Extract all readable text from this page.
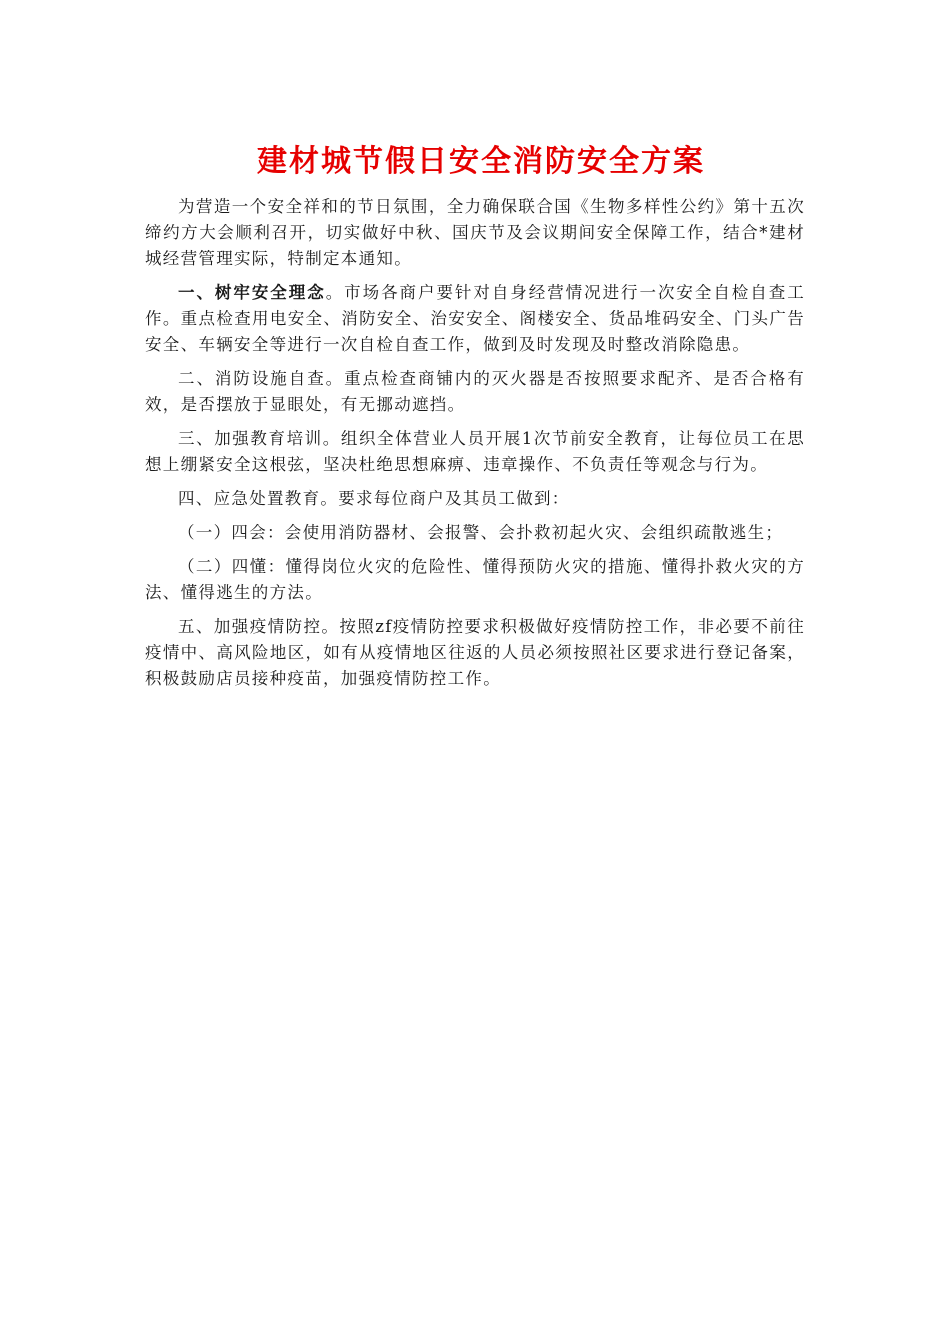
建材城节假日安全消防安全方案

为营造一个安全祥和的节日氛围，全力确保联合国《生物多样性公约》第十五次缔约方大会顺利召开，切实做好中秋、国庆节及会议期间安全保障工作，结合*建材城经营管理实际，特制定本通知。

一、树牢安全理念。市场各商户要针对自身经营情况进行一次安全自检自查工作。重点检查用电安全、消防安全、治安安全、阁楼安全、货品堆码安全、门头广告安全、车辆安全等进行一次自检自查工作，做到及时发现及时整改消除隐患。

二、消防设施自查。重点检查商铺内的灭火器是否按照要求配齐、是否合格有效，是否摆放于显眼处，有无挪动遮挡。

三、加强教育培训。组织全体营业人员开展1次节前安全教育，让每位员工在思想上绷紧安全这根弦，坚决杜绝思想麻痹、违章操作、不负责任等观念与行为。

四、应急处置教育。要求每位商户及其员工做到：

（一）四会：会使用消防器材、会报警、会扑救初起火灾、会组织疏散逃生；

（二）四懂：懂得岗位火灾的危险性、懂得预防火灾的措施、懂得扑救火灾的方法、懂得逃生的方法。

五、加强疫情防控。按照zf疫情防控要求积极做好疫情防控工作，非必要不前往疫情中、高风险地区，如有从疫情地区往返的人员必须按照社区要求进行登记备案，积极鼓励店员接种疫苗，加强疫情防控工作。
